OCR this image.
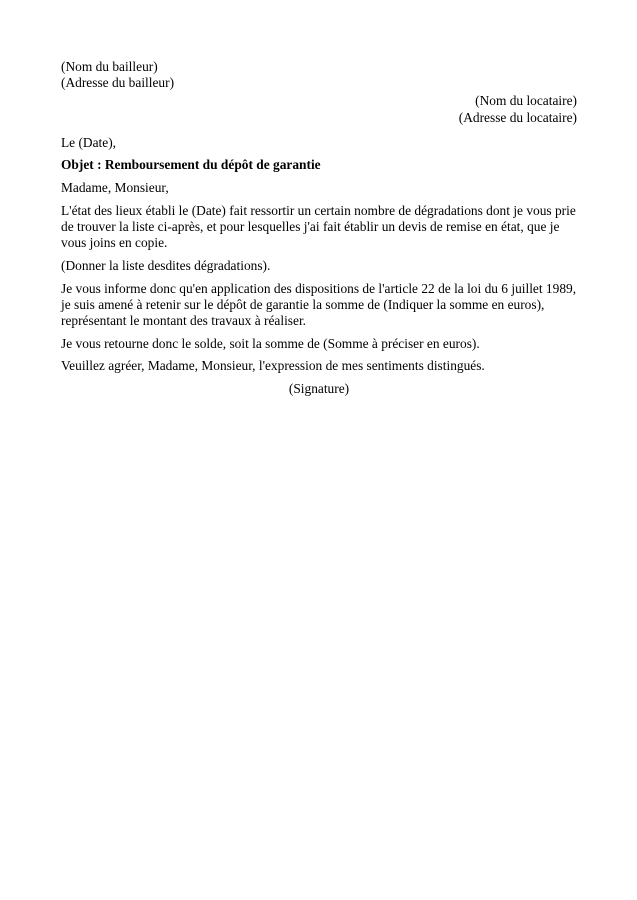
(Nom du bailleur)

(Adresse du bailleur)

(Nom du locataire)

(Adresse du locataire)

Le (Date),

Objet : Remboursement du dépôt de garantie

Madame, Monsieur,

L'état des lieux établi le (Date) fait ressortir un certain nombre de dégradations dont je vous prie de trouver la liste ci-après, et pour lesquelles j'ai fait établir un devis de remise en état, que je vous joins en copie.

(Donner la liste desdites dégradations).

Je vous informe donc qu'en application des dispositions de l'article 22 de la loi du 6 juillet 1989, je suis amené à retenir sur le dépôt de garantie la somme de (Indiquer la somme en euros), représentant le montant des travaux à réaliser.

Je vous retourne donc le solde, soit la somme de (Somme à préciser en euros).

Veuillez agréer, Madame, Monsieur, l'expression de mes sentiments distingués.

(Signature)
